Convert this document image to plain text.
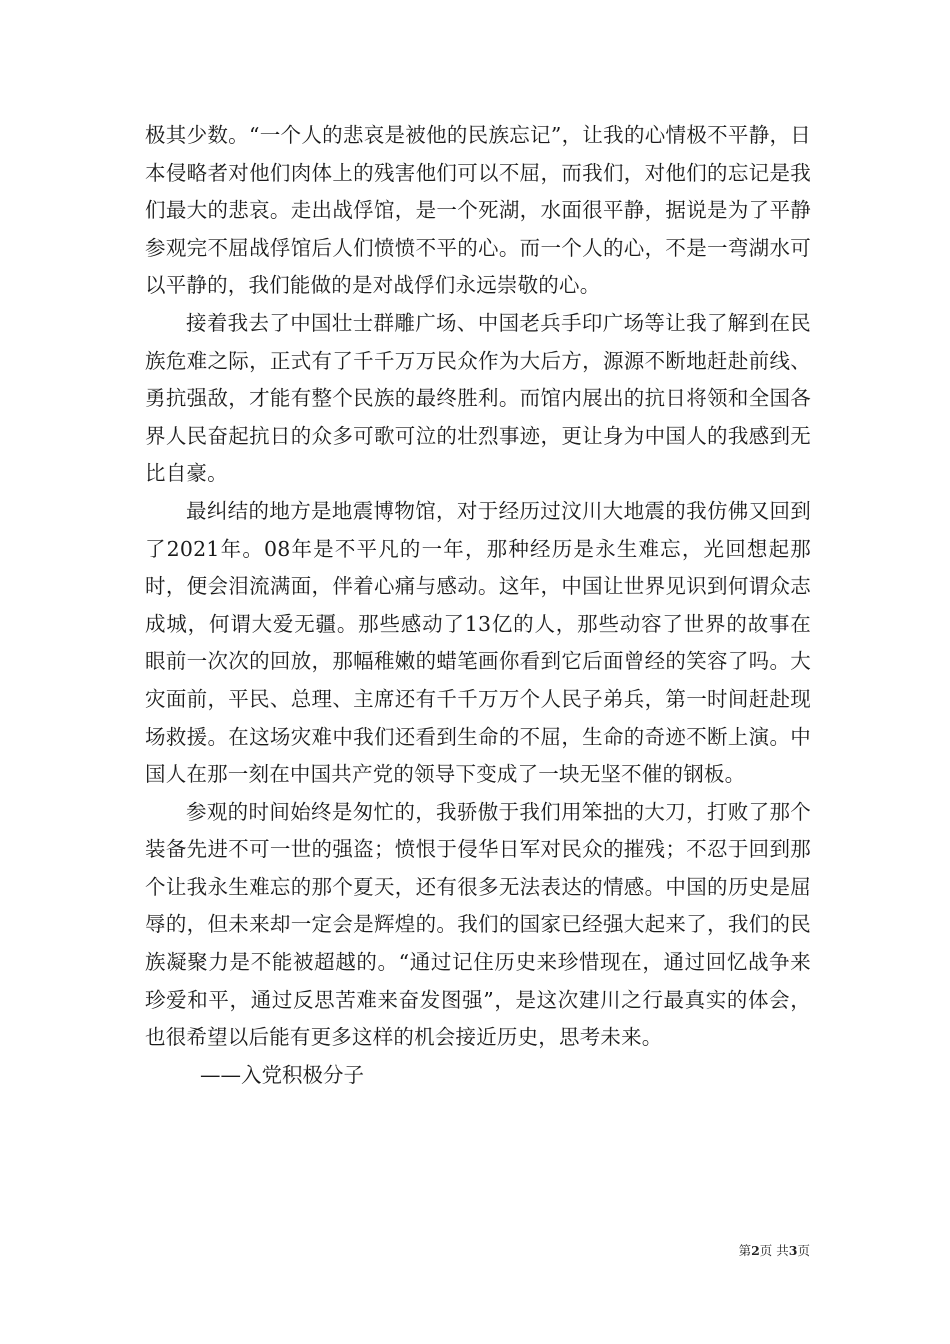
极其少数。“一个人的悲哀是被他的民族忘记”，让我的心情极不平静，日本侵略者对他们肉体上的残害他们可以不屈，而我们，对他们的忘记是我们最大的悲哀。走出战俘馆，是一个死湖，水面很平静，据说是为了平静参观完不屈战俘馆后人们愤愤不平的心。而一个人的心，不是一弯湖水可以平静的，我们能做的是对战俘们永远崇敬的心。

接着我去了中国壮士群雕广场、中国老兵手印广场等让我了解到在民族危难之际，正式有了千千万万民众作为大后方，源源不断地赶赴前线、勇抗强敌，才能有整个民族的最终胜利。而馆内展出的抗日将领和全国各界人民奋起抗日的众多可歌可泣的壮烈事迹，更让身为中国人的我感到无比自豪。

最纠结的地方是地震博物馆，对于经历过汶川大地震的我仿佛又回到了2021年。08年是不平凡的一年，那种经历是永生难忘，光回想起那时，便会泪流满面，伴着心痛与感动。这年，中国让世界见识到何谓众志成城，何谓大爱无疆。那些感动了13亿的人，那些动容了世界的故事在眼前一次次的回放，那幅稚嫩的蜡笔画你看到它后面曾经的笑容了吗。大灾面前，平民、总理、主席还有千千万万个人民子弟兵，第一时间赶赴现场救援。在这场灾难中我们还看到生命的不屈，生命的奇迹不断上演。中国人在那一刻在中国共产党的领导下变成了一块无坚不催的钢板。

参观的时间始终是匆忙的，我骄傲于我们用笨拙的大刀，打败了那个装备先进不可一世的强盗；愤恨于侵华日军对民众的摧残；不忍于回到那个让我永生难忘的那个夏天，还有很多无法表达的情感。中国的历史是屈辱的，但未来却一定会是辉煌的。我们的国家已经强大起来了，我们的民族凝聚力是不能被超越的。“通过记住历史来珍惜现在，通过回忆战争来珍爱和平，通过反思苦难来奋发图强”，是这次建川之行最真实的体会，也很希望以后能有更多这样的机会接近历史，思考未来。

——入党积极分子

第2页 共3页
